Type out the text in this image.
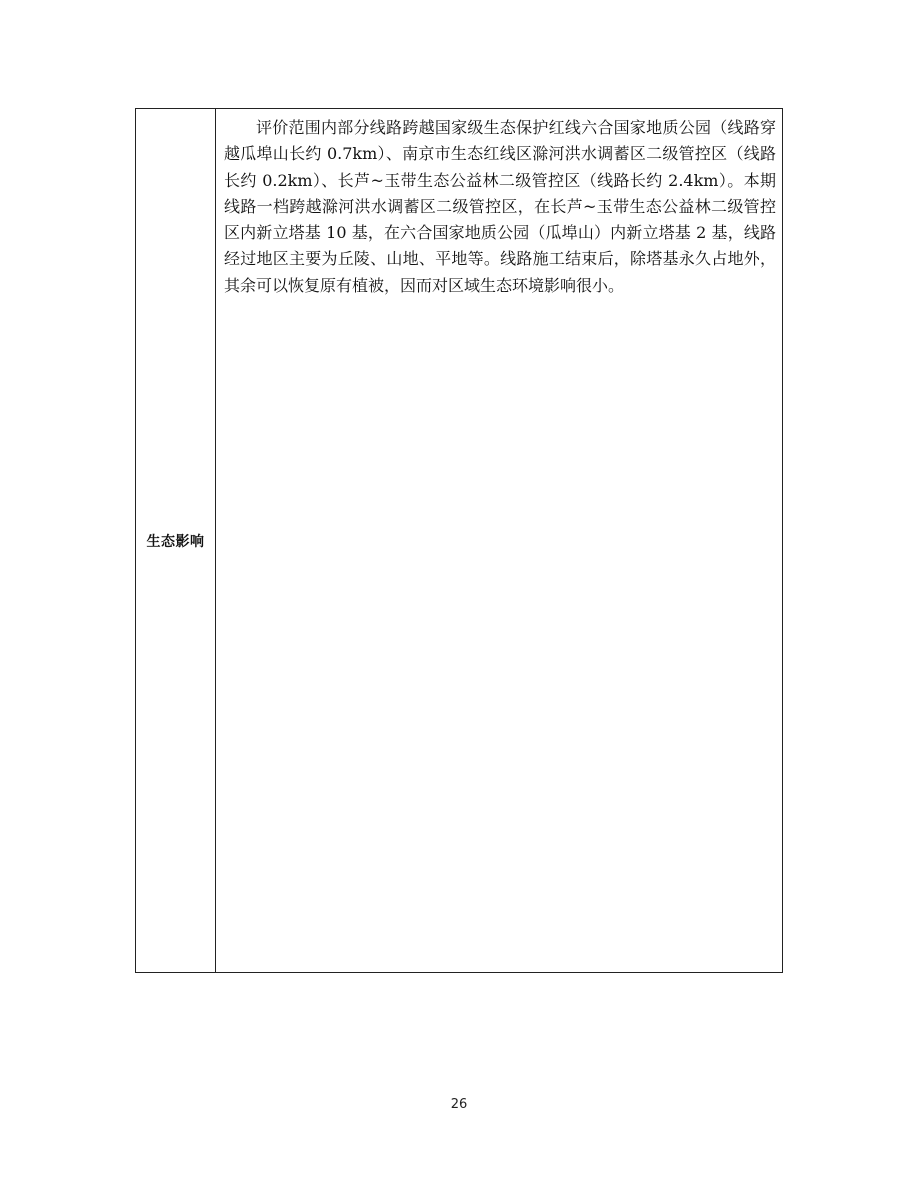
生态影响

评价范围内部分线路跨越国家级生态保护红线六合国家地质公园（线路穿越瓜埠山长约 0.7km）、南京市生态红线区滁河洪水调蓄区二级管控区（线路长约 0.2km）、长芦~玉带生态公益林二级管控区（线路长约 2.4km）。本期线路一档跨越滁河洪水调蓄区二级管控区，在长芦~玉带生态公益林二级管控区内新立塔基 10 基，在六合国家地质公园（瓜埠山）内新立塔基 2 基，线路经过地区主要为丘陵、山地、平地等。线路施工结束后，除塔基永久占地外，其余可以恢复原有植被，因而对区域生态环境影响很小。

26
